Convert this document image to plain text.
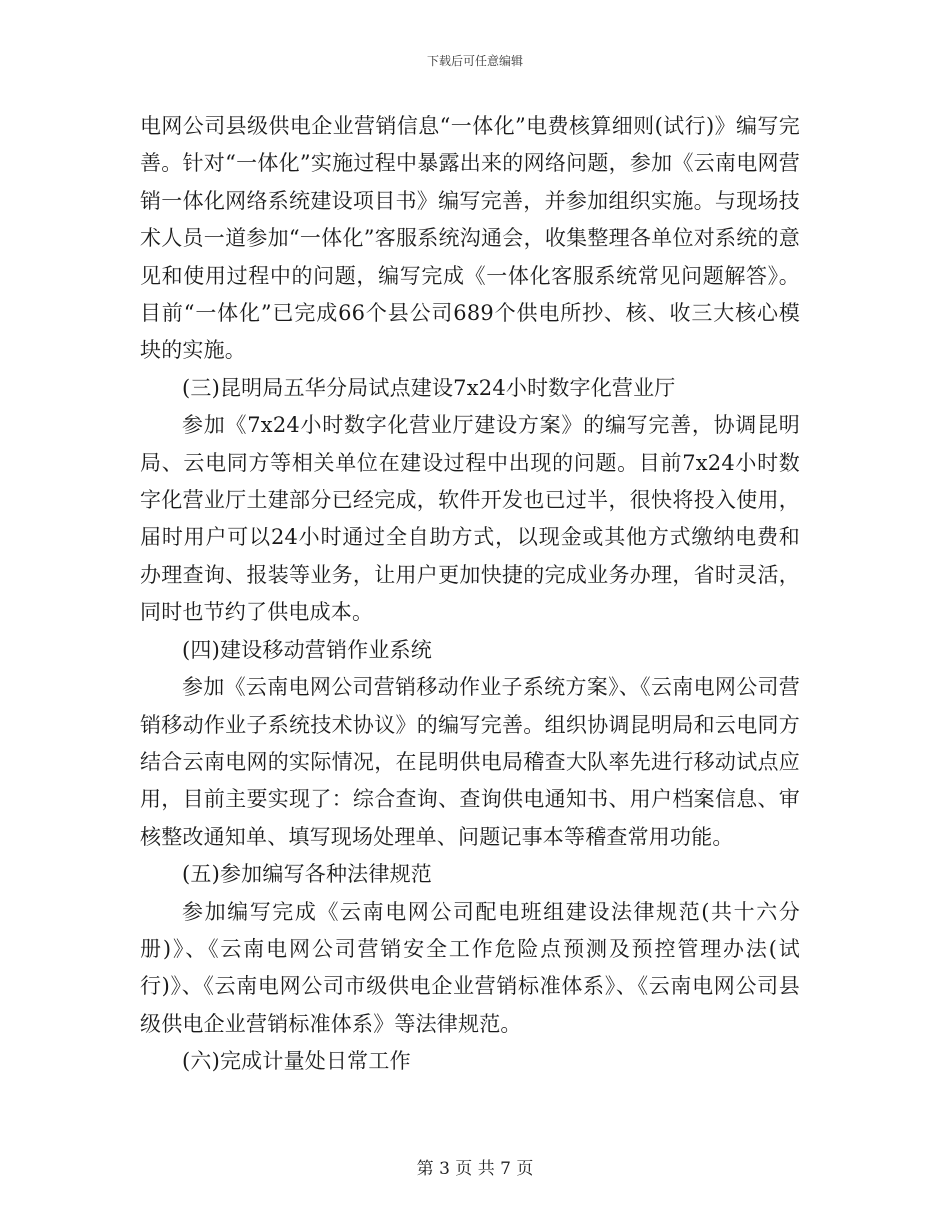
下载后可任意编辑

电网公司县级供电企业营销信息“一体化”电费核算细则(试行)》编写完善。针对“一体化”实施过程中暴露出来的网络问题，参加《云南电网营销一体化网络系统建设项目书》编写完善，并参加组织实施。与现场技术人员一道参加“一体化”客服系统沟通会，收集整理各单位对系统的意见和使用过程中的问题，编写完成《一体化客服系统常见问题解答》。目前“一体化”已完成66个县公司689个供电所抄、核、收三大核心模块的实施。

(三)昆明局五华分局试点建设7x24小时数字化营业厅

参加《7x24小时数字化营业厅建设方案》的编写完善，协调昆明局、云电同方等相关单位在建设过程中出现的问题。目前7x24小时数字化营业厅土建部分已经完成，软件开发也已过半，很快将投入使用，届时用户可以24小时通过全自助方式，以现金或其他方式缴纳电费和办理查询、报装等业务，让用户更加快捷的完成业务办理，省时灵活，同时也节约了供电成本。

(四)建设移动营销作业系统

参加《云南电网公司营销移动作业子系统方案》、《云南电网公司营销移动作业子系统技术协议》的编写完善。组织协调昆明局和云电同方结合云南电网的实际情况，在昆明供电局稽查大队率先进行移动试点应用，目前主要实现了：综合查询、查询供电通知书、用户档案信息、审核整改通知单、填写现场处理单、问题记事本等稽查常用功能。

(五)参加编写各种法律规范

参加编写完成《云南电网公司配电班组建设法律规范(共十六分册)》、《云南电网公司营销安全工作危险点预测及预控管理办法(试行)》、《云南电网公司市级供电企业营销标准体系》、《云南电网公司县级供电企业营销标准体系》等法律规范。

(六)完成计量处日常工作

第 3 页 共 7 页
